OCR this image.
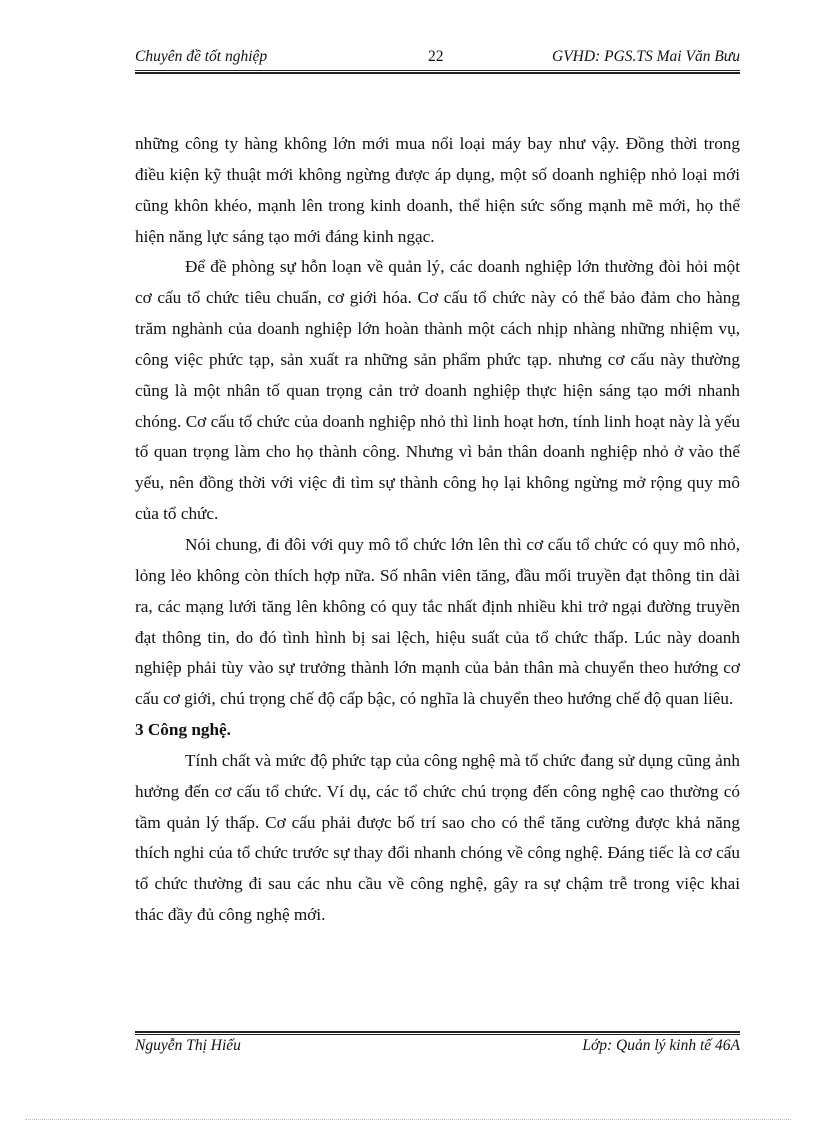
Chuyên đề tốt nghiệp	22	GVHD: PGS.TS Mai Văn Bưu

những công ty hàng không lớn mới mua nổi loại máy bay như vậy. Đồng thời trong điều kiện kỹ thuật mới không ngừng được áp dụng, một số doanh nghiệp nhỏ loại mới cũng khôn khéo, mạnh lên trong kinh doanh, thể hiện sức sống mạnh mẽ mới, họ thể hiện năng lực sáng tạo mới đáng kinh ngạc.

Để đề phòng sự hỗn loạn về quản lý, các doanh nghiệp lớn thường đòi hỏi một cơ cấu tổ chức tiêu chuẩn, cơ giới hóa. Cơ cấu tổ chức này có thể bảo đảm cho hàng trăm nghành của doanh nghiệp lớn hoàn thành một cách nhịp nhàng những nhiệm vụ, công việc phức tạp, sản xuất ra những sản phẩm phức tạp. nhưng cơ cấu này thường cũng là một nhân tố quan trọng cản trở doanh nghiệp thực hiện sáng tạo mới nhanh chóng. Cơ cấu tổ chức của doanh nghiệp nhỏ thì linh hoạt hơn, tính linh hoạt này là yếu tố quan trọng làm cho họ thành công. Nhưng vì bản thân doanh nghiệp nhỏ ở vào thế yếu, nên đồng thời với việc đi tìm sự thành công họ lại không ngừng mở rộng quy mô của tổ chức.

Nói chung, đi đôi với quy mô tổ chức lớn lên thì cơ cấu tổ chức có quy mô nhỏ, lỏng lẻo không còn thích hợp nữa. Số nhân viên tăng, đầu mối truyền đạt thông tin dài ra, các mạng lưới tăng lên không có quy tắc nhất định nhiều khi trở ngại đường truyền đạt thông tin, do đó tình hình bị sai lệch, hiệu suất của tổ chức thấp. Lúc này doanh nghiệp phải tùy vào sự trưởng thành lớn mạnh của bản thân mà chuyển theo hướng cơ cấu cơ giới, chú trọng chế độ cấp bậc, có nghĩa là chuyển theo hướng chế độ quan liêu.

3 Công nghệ.

Tính chất và mức độ phức tạp của công nghệ mà tổ chức đang sử dụng cũng ảnh hưởng đến cơ cấu tổ chức. Ví dụ, các tổ chức chú trọng đến công nghệ cao thường có tầm quản lý thấp. Cơ cấu phải được bố trí sao cho có thể tăng cường được khả năng thích nghi của tổ chức trước sự thay đổi nhanh chóng về công nghệ. Đáng tiếc là cơ cấu tổ chức thường đi sau các nhu cầu về công nghệ, gây ra sự chậm trễ trong việc khai thác đầy đủ công nghệ mới.

Nguyễn Thị Hiếu	Lớp: Quản lý kinh tế 46A
